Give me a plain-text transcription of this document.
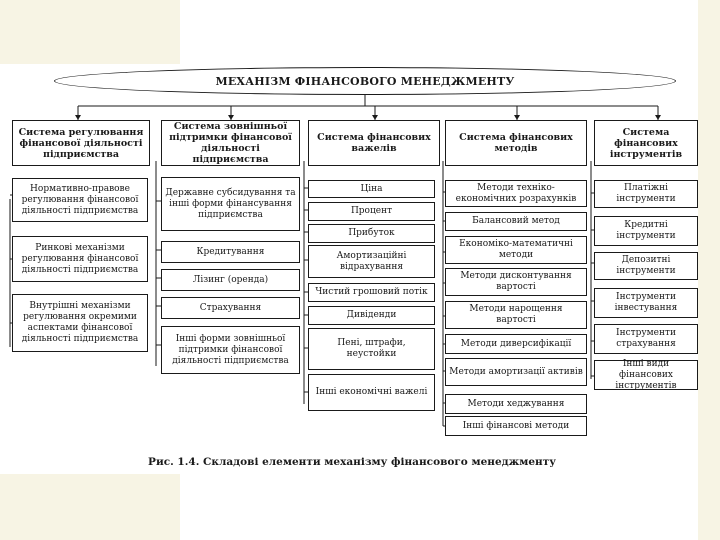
МЕХАНІЗМ ФІНАНСОВОГО МЕНЕДЖМЕНТУ
Система регулювання фінансової діяльності підприємства
Нормативно-правове регулювання фінансової діяльності підприємства
Ринкові механізми регулювання фінансової діяльності підприємства
Внутрішні механізми регулювання окремими аспектами фінансової діяльності підприємства
Система зовнішньої підтримки фінансової діяльності підприємства
Державне субсидування та інші форми фінансування підприємства
Кредитування
Лізинг (оренда)
Страхування
Інші форми зовнішньої підтримки фінансової діяльності підприємства
Система фінансових важелів
Ціна
Процент
Прибуток
Амортизаційні відрахування
Чистий грошовий потік
Дивіденди
Пені, штрафи, неустойки
Інші економічні важелі
Система фінансових методів
Методи техніко-економічних розрахунків
Балансовий метод
Економіко-математичні методи
Методи дисконтування вартості
Методи нарощення вартості
Методи диверсифікації
Методи амортизації активів
Методи хеджування
Інші фінансові методи
Система фінансових інструментів
Платіжні інструменти
Кредитні інструменти
Депозитні інструменти
Інструменти інвестування
Інструменти страхування
Інші види фінансових інструментів
Рис. 1.4. Складові елементи механізму фінансового менеджменту
